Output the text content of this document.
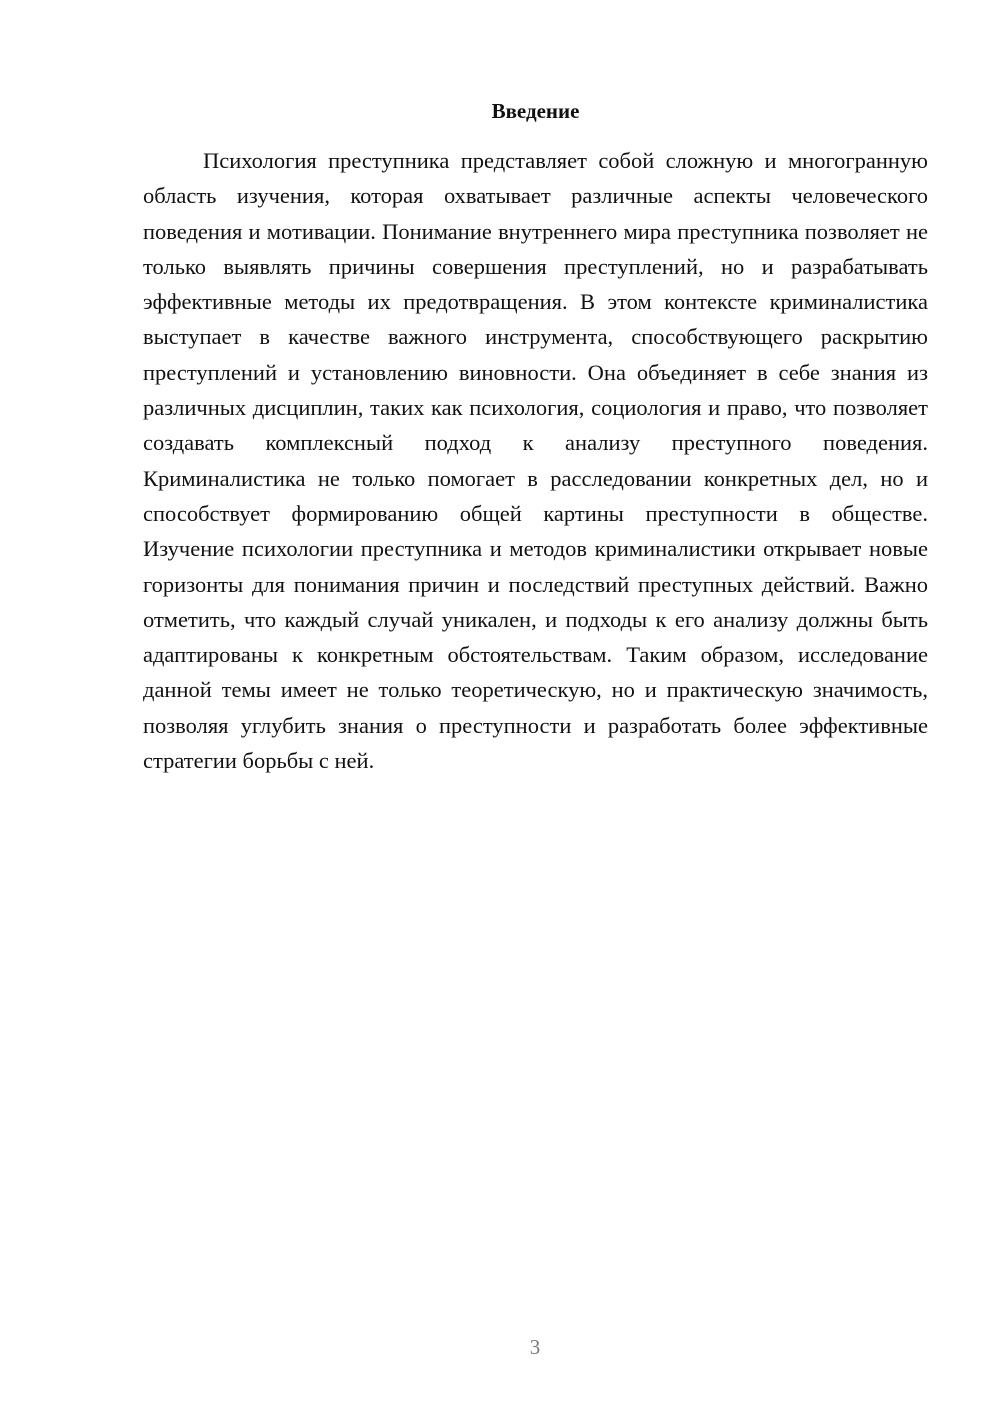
Введение

Психология преступника представляет собой сложную и многогранную область изучения, которая охватывает различные аспекты человеческого поведения и мотивации. Понимание внутреннего мира преступника позволяет не только выявлять причины совершения преступлений, но и разрабатывать эффективные методы их предотвращения. В этом контексте криминалистика выступает в качестве важного инструмента, способствующего раскрытию преступлений и установлению виновности. Она объединяет в себе знания из различных дисциплин, таких как психология, социология и право, что позволяет создавать комплексный подход к анализу преступного поведения. Криминалистика не только помогает в расследовании конкретных дел, но и способствует формированию общей картины преступности в обществе. Изучение психологии преступника и методов криминалистики открывает новые горизонты для понимания причин и последствий преступных действий. Важно отметить, что каждый случай уникален, и подходы к его анализу должны быть адаптированы к конкретным обстоятельствам. Таким образом, исследование данной темы имеет не только теоретическую, но и практическую значимость, позволяя углубить знания о преступности и разработать более эффективные стратегии борьбы с ней.

3
